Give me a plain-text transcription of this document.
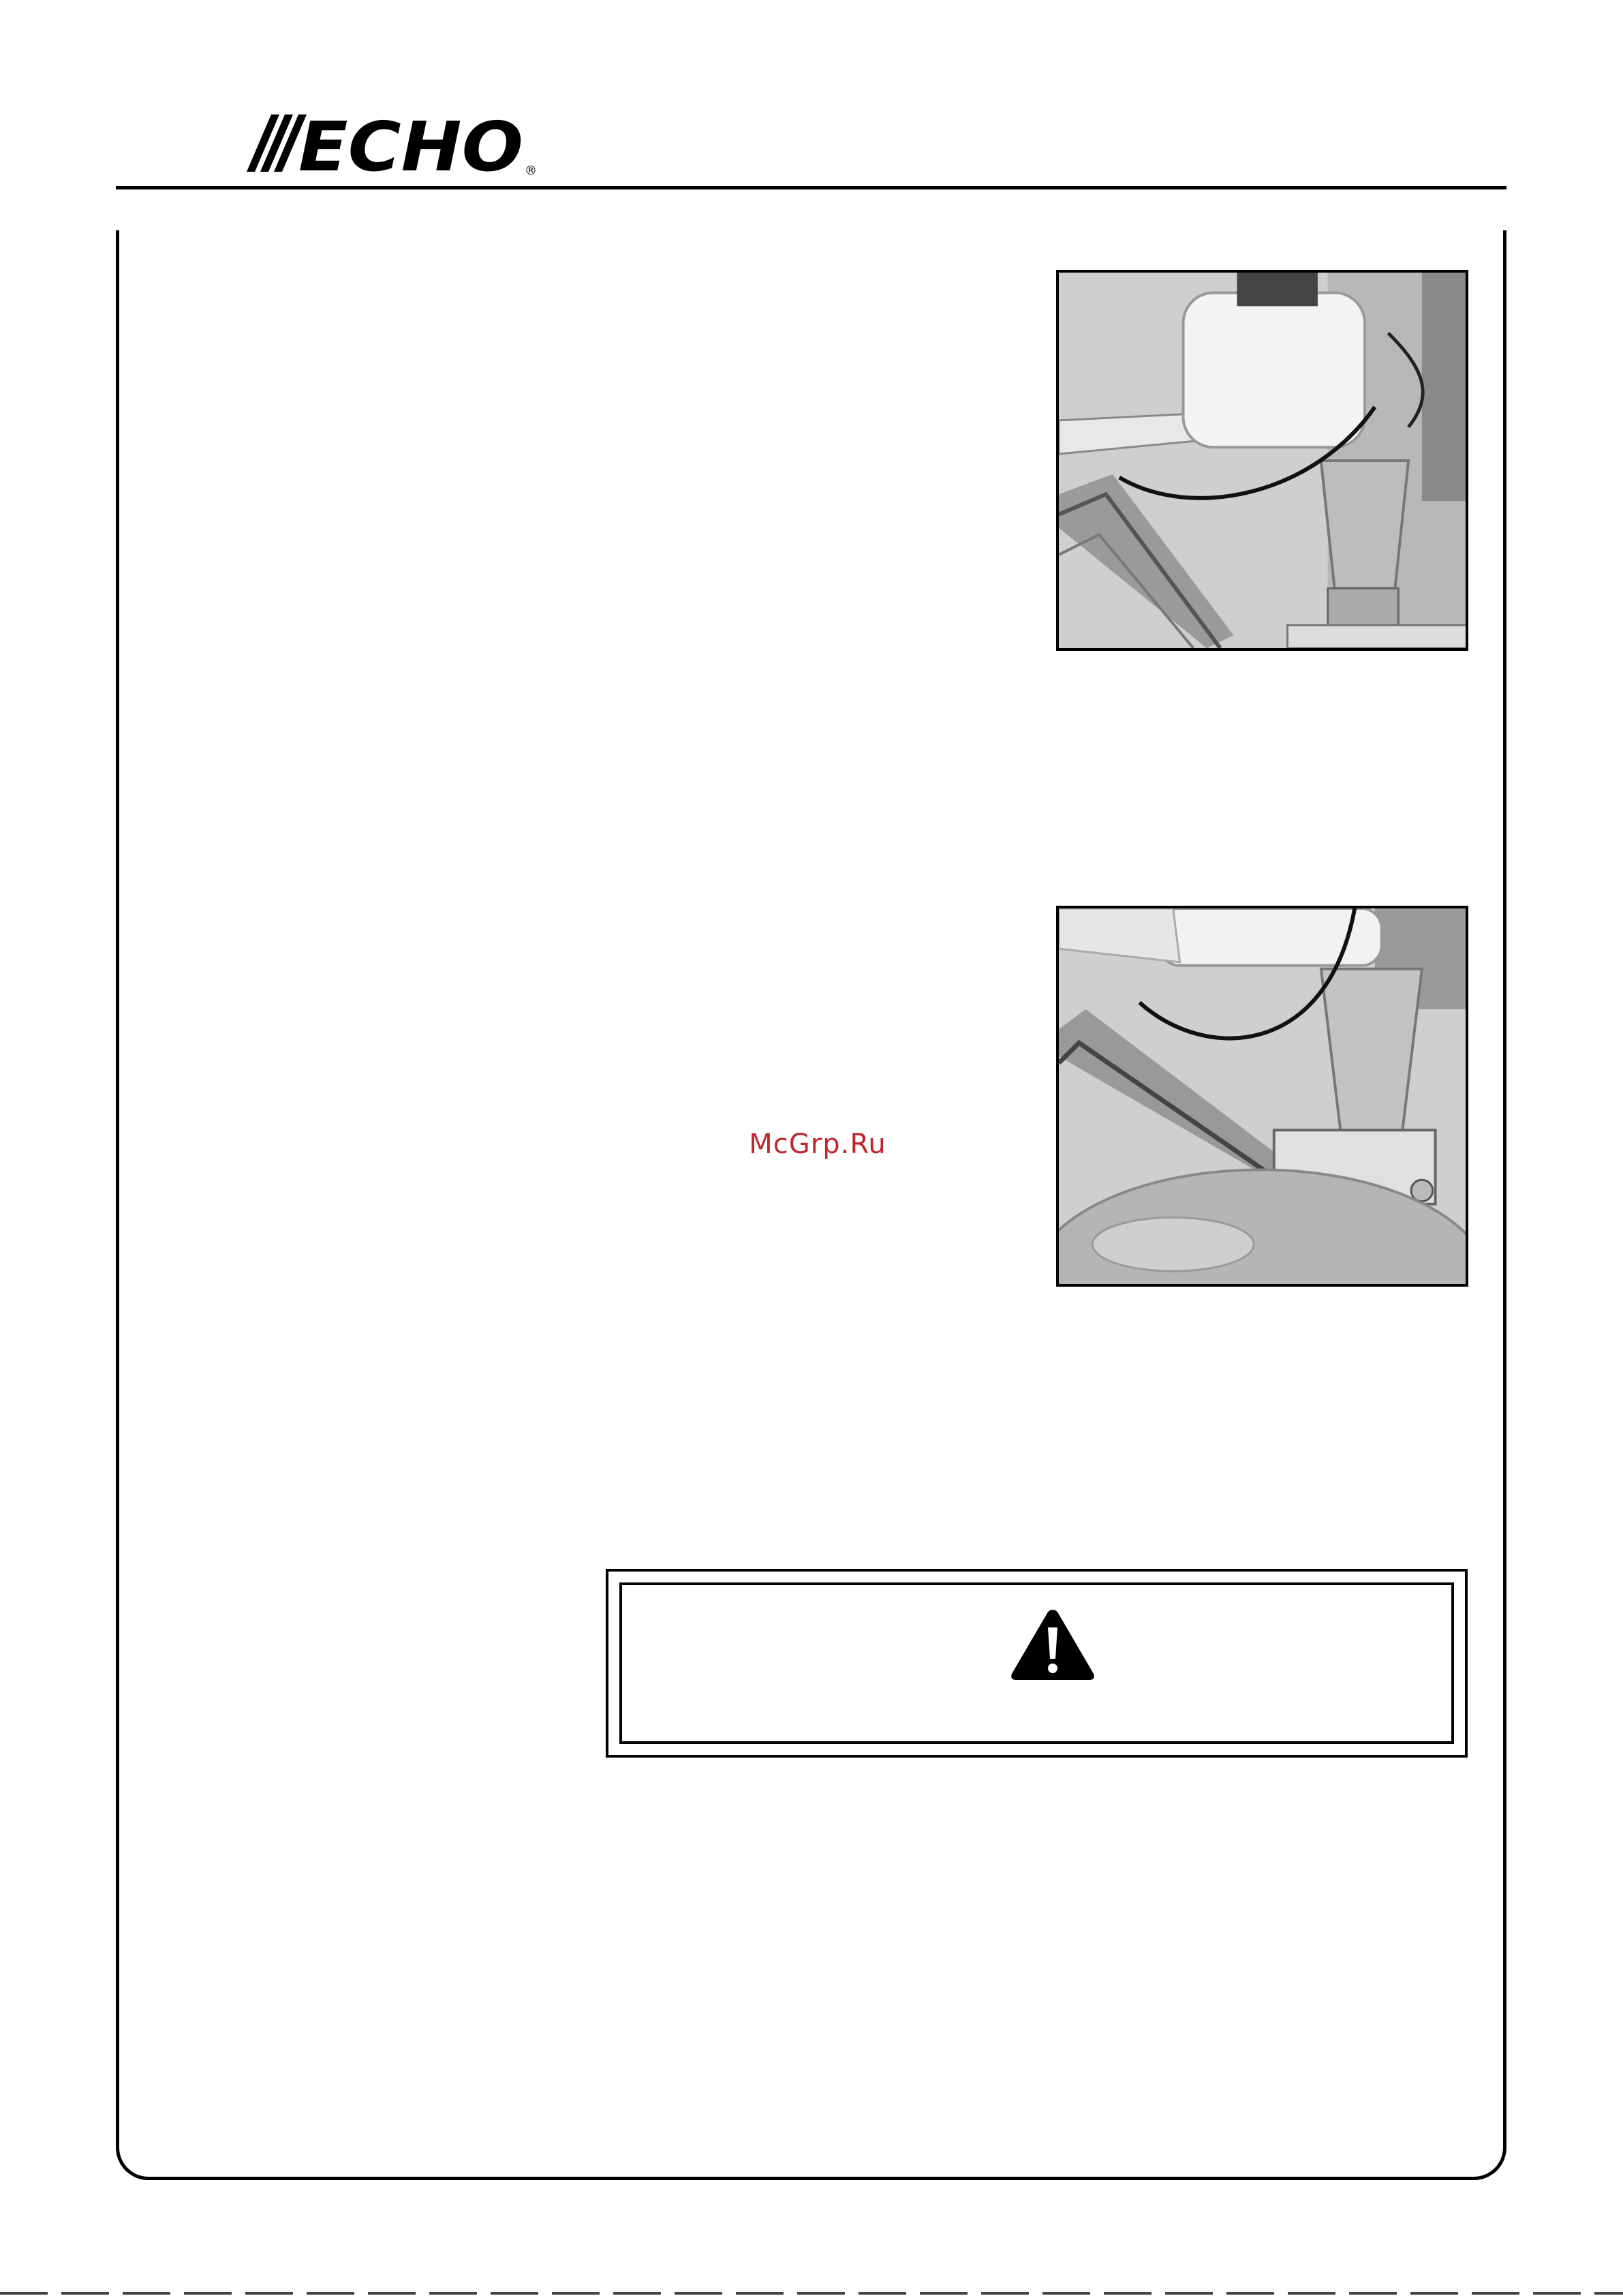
ECHO ®
McGrp.Ru
